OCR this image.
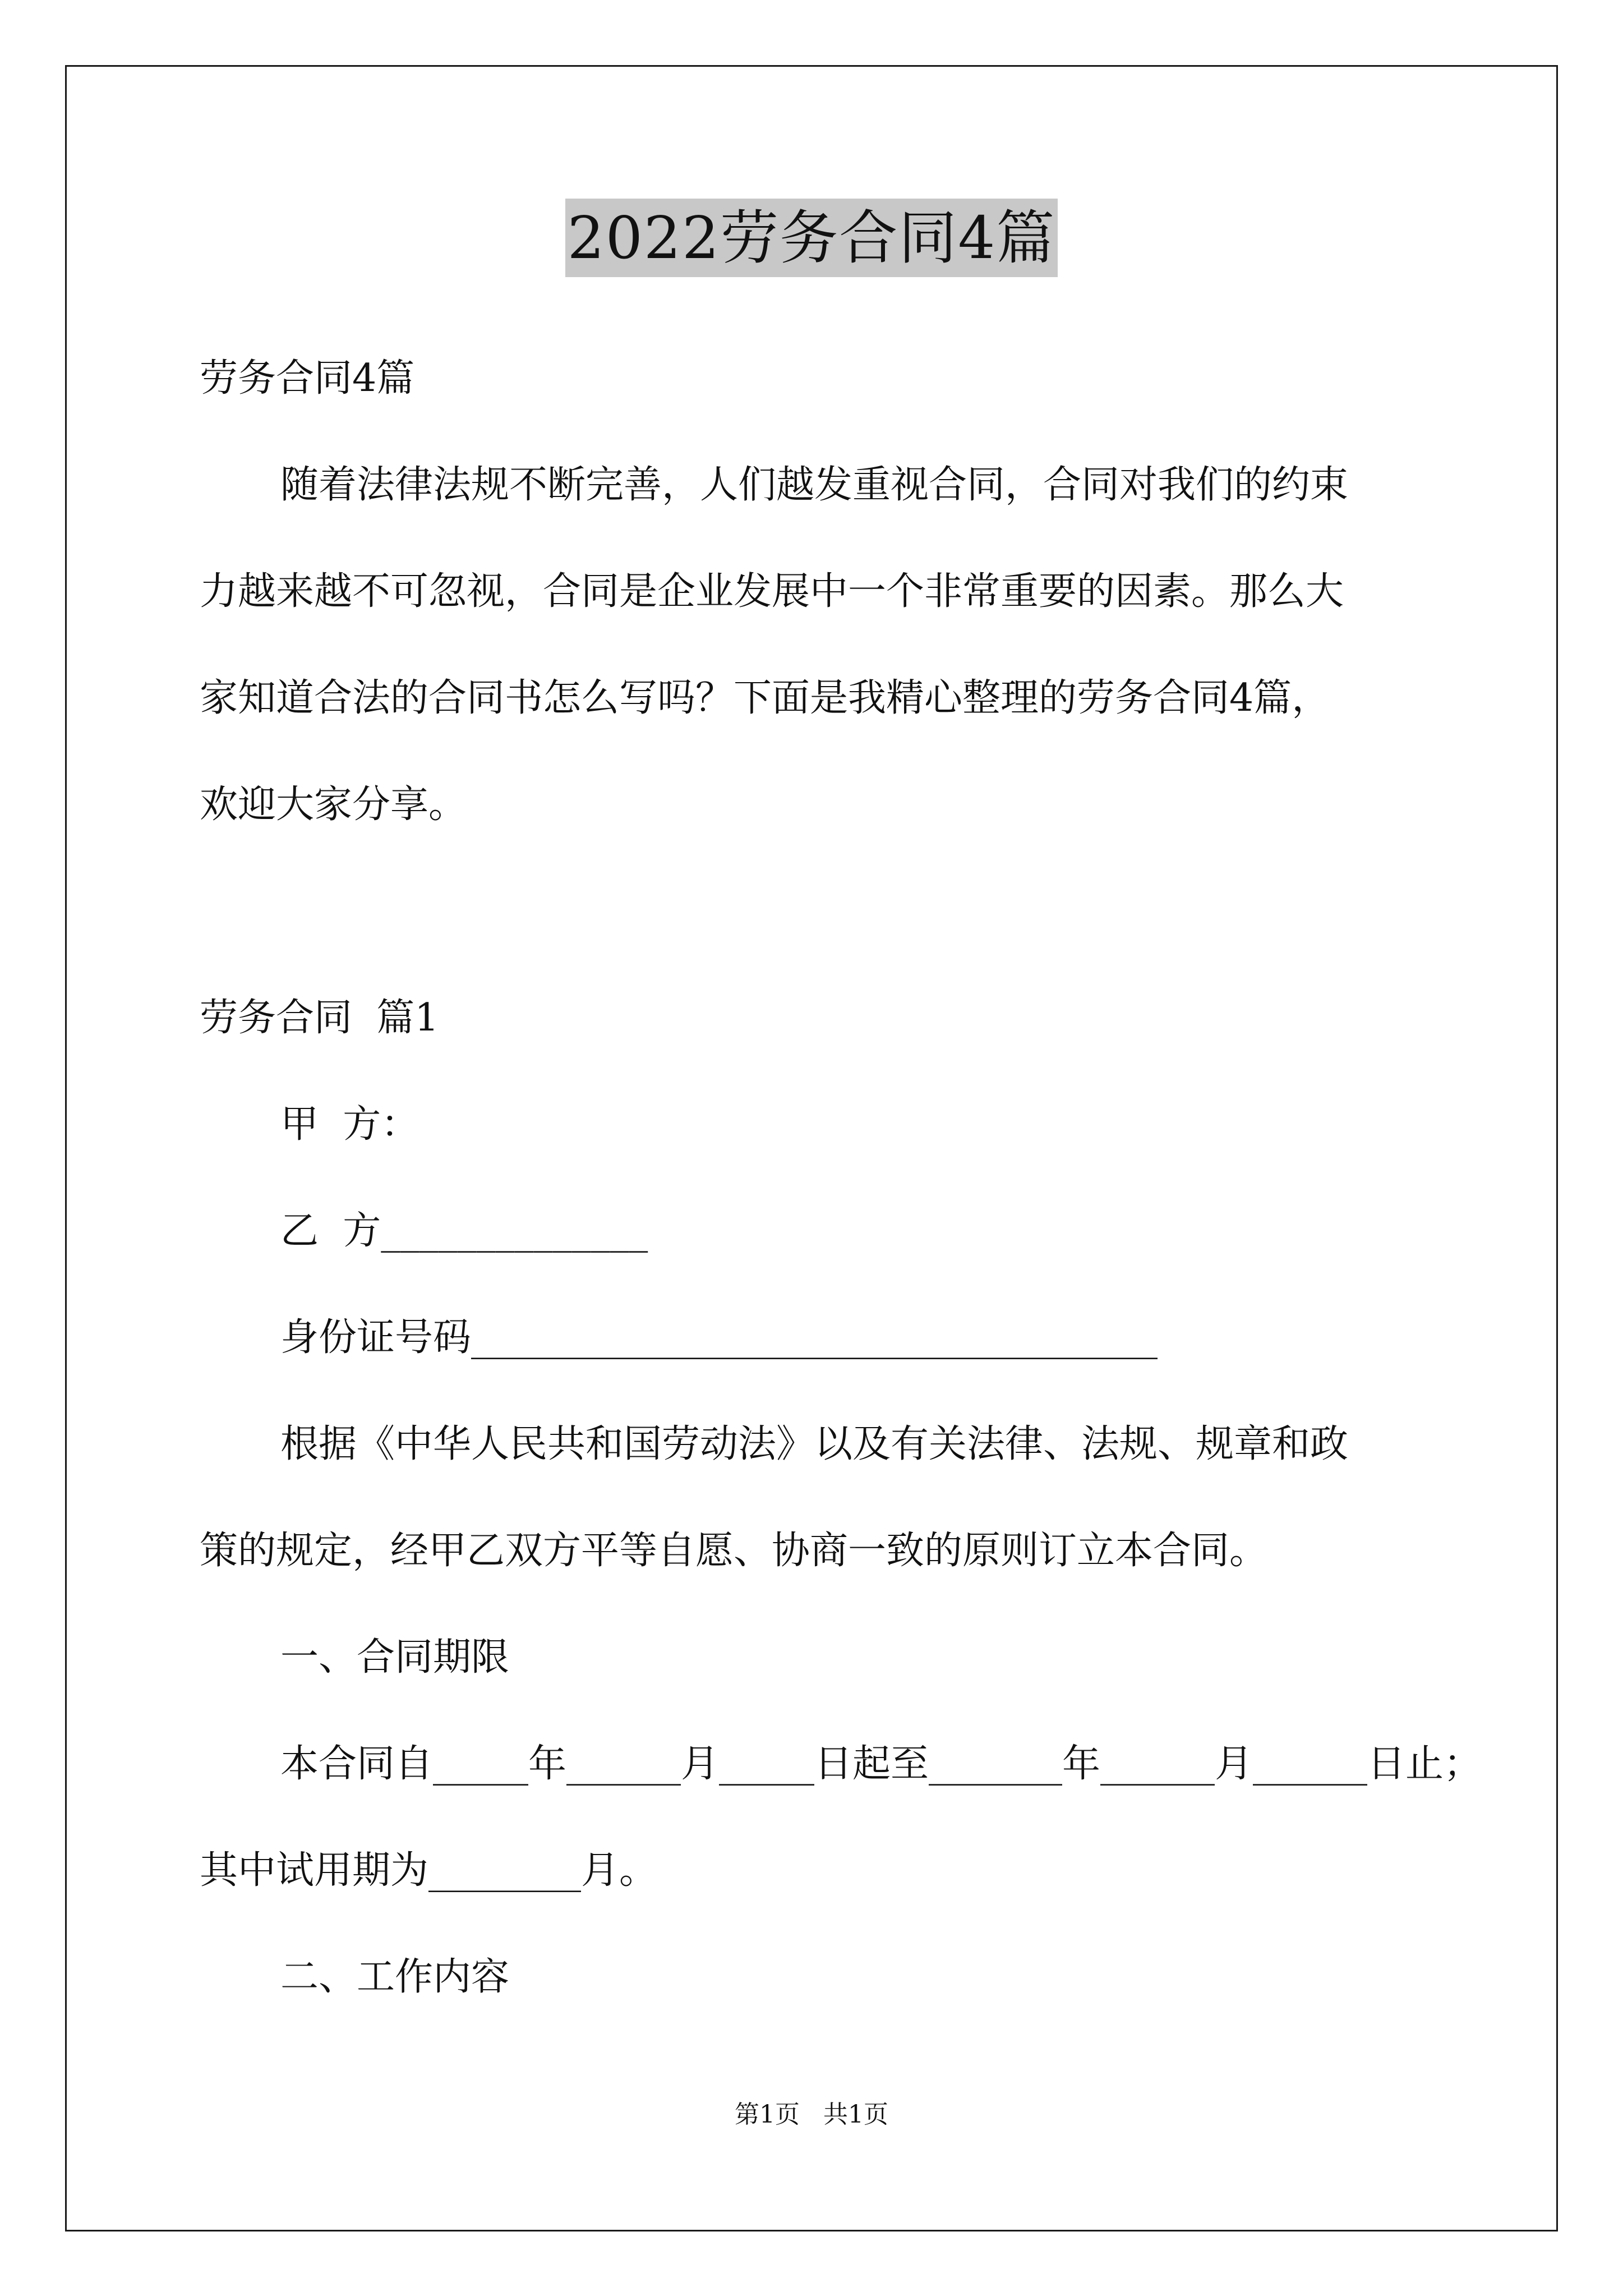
2022劳务合同4篇
劳务合同4篇
随着法律法规不断完善，人们越发重视合同，合同对我们的约束
力越来越不可忽视，合同是企业发展中一个非常重要的因素。那么大
家知道合法的合同书怎么写吗？下面是我精心整理的劳务合同4篇，
欢迎大家分享。
劳务合同  篇1
甲  方：
乙  方______________
身份证号码____________________________________
根据《中华人民共和国劳动法》以及有关法律、法规、规章和政
策的规定，经甲乙双方平等自愿、协商一致的原则订立本合同。
一、合同期限
本合同自_____年______月_____日起至_______年______月______日止；
其中试用期为________月。
二、工作内容
第1页   共1页
